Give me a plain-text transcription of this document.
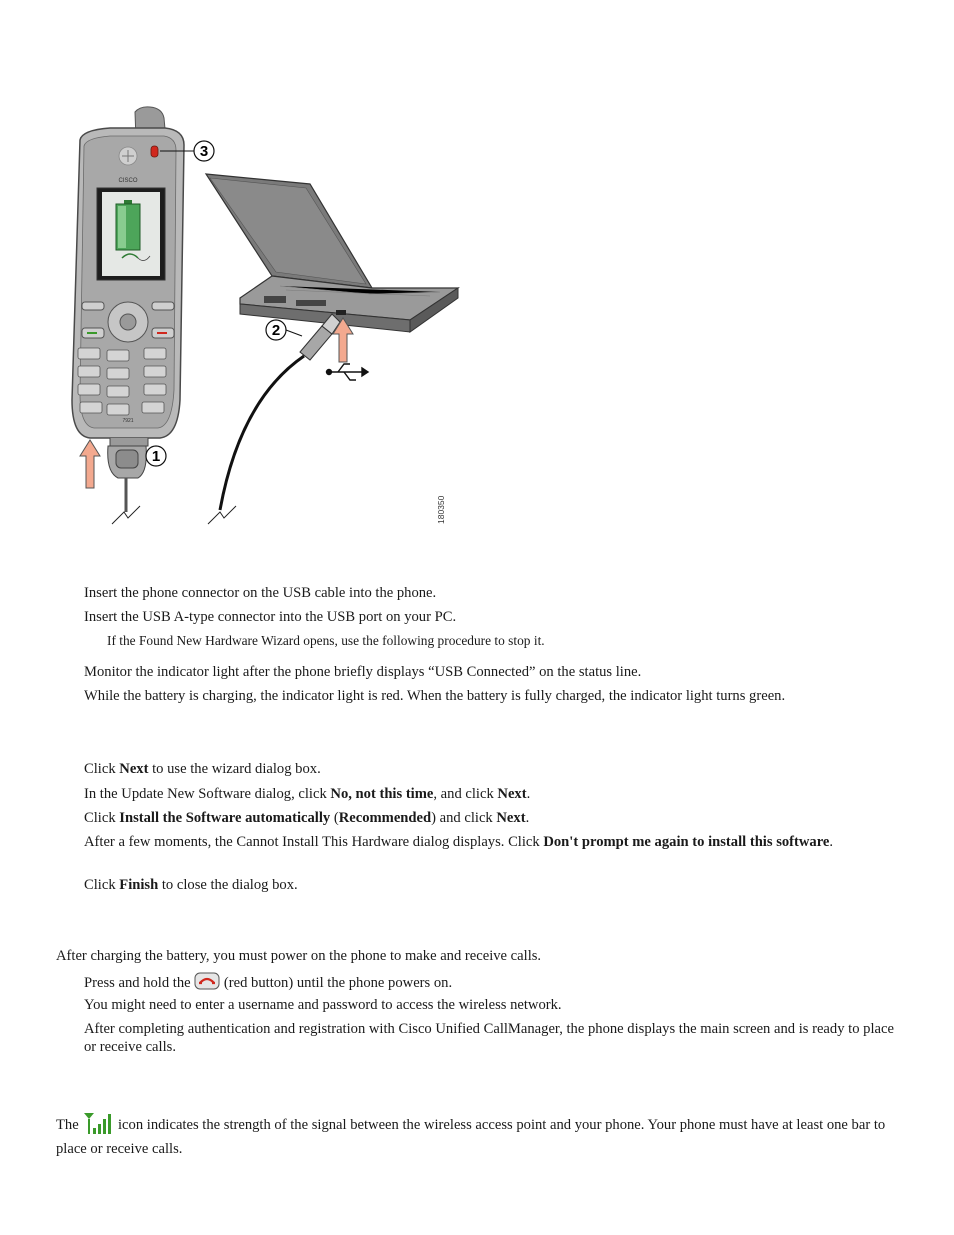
CISCO
7921
1
2
3
180350
Insert the phone connector on the USB cable into the phone.
Insert the USB A-type connector into the USB port on your PC.
If the Found New Hardware Wizard opens, use the following procedure to stop it.
Monitor the indicator light after the phone briefly displays “USB Connected” on the status line.
While the battery is charging, the indicator light is red. When the battery is fully charged, the indicator light turns green.
Click Next to use the wizard dialog box.
In the Update New Software dialog, click No, not this time, and click Next.
Click Install the Software automatically (Recommended) and click Next.
After a few moments, the Cannot Install This Hardware dialog displays. Click Don't prompt me again to install this software.
Click Finish to close the dialog box.
After charging the battery, you must power on the phone to make and receive calls.
Press and hold the  (red button) until the phone powers on.
You might need to enter a username and password to access the wireless network.
After completing authentication and registration with Cisco Unified CallManager, the phone displays the main screen and is ready to place or receive calls.
The  icon indicates the strength of the signal between the wireless access point and your phone. Your phone must have at least one bar to place or receive calls.
